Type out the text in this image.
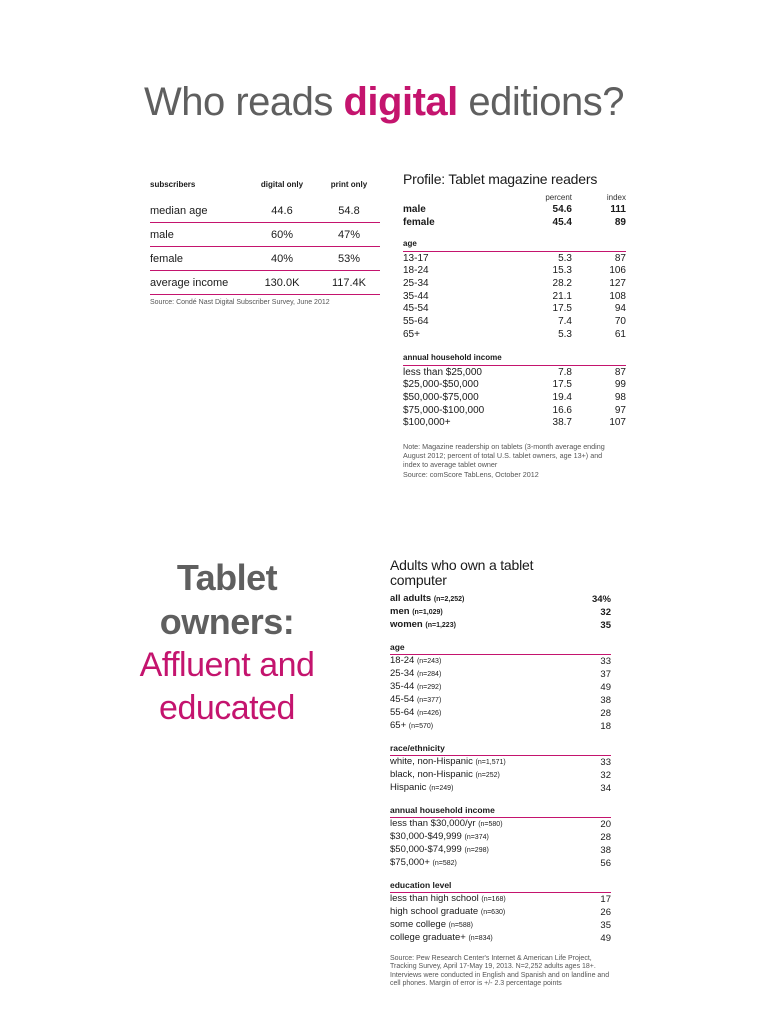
Who reads digital editions?
subscribers	digital only	print only
median age	44.6	54.8
male	60%	47%
female	40%	53%
average income	130.0K	117.4K
Source: Condé Nast Digital Subscriber Survey, June 2012
Profile: Tablet magazine readers
percent	index
male	54.6	111
female	45.4	89
age
13-17	5.3	87
18-24	15.3	106
25-34	28.2	127
35-44	21.1	108
45-54	17.5	94
55-64	7.4	70
65+	5.3	61
annual household income
less than $25,000	7.8	87
$25,000-$50,000	17.5	99
$50,000-$75,000	19.4	98
$75,000-$100,000	16.6	97
$100,000+	38.7	107
Note: Magazine readership on tablets (3-month average ending August 2012; percent of total U.S. tablet owners, age 13+) and index to average tablet owner
Source: comScore TabLens, October 2012
Tablet
owners:
Affluent and
educated
Adults who own a tablet computer
all adults (n=2,252)	34%
men (n=1,029)	32
women (n=1,223)	35
age
18-24 (n=243)	33
25-34 (n=284)	37
35-44 (n=292)	49
45-54 (n=377)	38
55-64 (n=426)	28
65+ (n=570)	18
race/ethnicity
white, non-Hispanic (n=1,571)	33
black, non-Hispanic (n=252)	32
Hispanic (n=249)	34
annual household income
less than $30,000/yr (n=580)	20
$30,000-$49,999 (n=374)	28
$50,000-$74,999 (n=298)	38
$75,000+ (n=582)	56
education level
less than high school (n=168)	17
high school graduate (n=630)	26
some college (n=588)	35
college graduate+ (n=834)	49
Source: Pew Research Center's Internet & American Life Project, Tracking Survey, April 17-May 19, 2013. N=2,252 adults ages 18+. Interviews were conducted in English and Spanish and on landline and cell phones. Margin of error is +/- 2.3 percentage points
